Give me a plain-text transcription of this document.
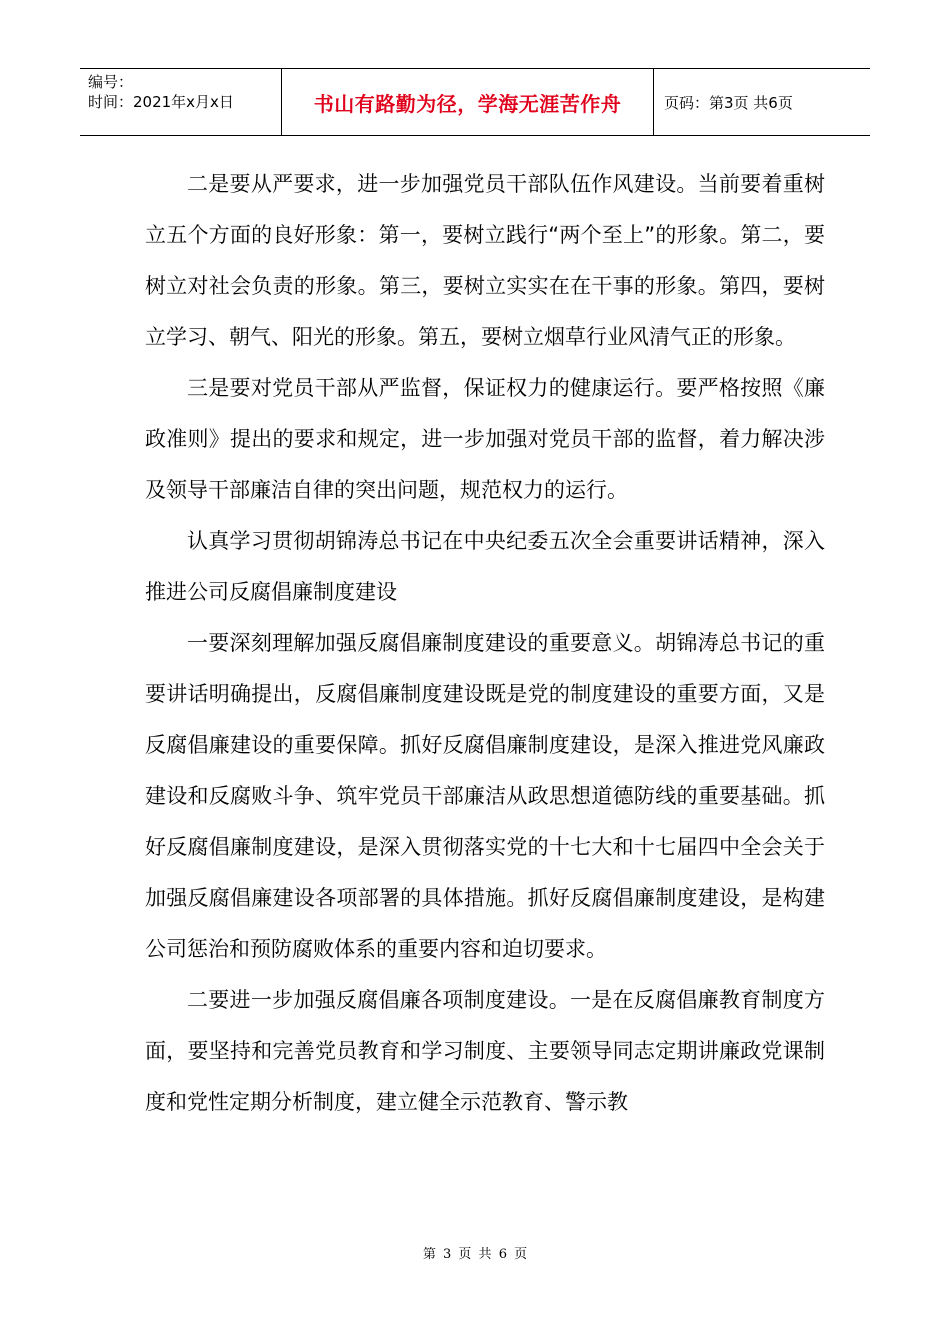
编号：
时间：2021年x月x日	书山有路勤为径，学海无涯苦作舟	页码：第3页 共6页

二是要从严要求，进一步加强党员干部队伍作风建设。当前要着重树立五个方面的良好形象：第一，要树立践行“两个至上”的形象。第二，要树立对社会负责的形象。第三，要树立实实在在干事的形象。第四，要树立学习、朝气、阳光的形象。第五，要树立烟草行业风清气正的形象。

三是要对党员干部从严监督，保证权力的健康运行。要严格按照《廉政准则》提出的要求和规定，进一步加强对党员干部的监督，着力解决涉及领导干部廉洁自律的突出问题，规范权力的运行。

认真学习贯彻胡锦涛总书记在中央纪委五次全会重要讲话精神，深入推进公司反腐倡廉制度建设

一要深刻理解加强反腐倡廉制度建设的重要意义。胡锦涛总书记的重要讲话明确提出，反腐倡廉制度建设既是党的制度建设的重要方面，又是反腐倡廉建设的重要保障。抓好反腐倡廉制度建设，是深入推进党风廉政建设和反腐败斗争、筑牢党员干部廉洁从政思想道德防线的重要基础。抓好反腐倡廉制度建设，是深入贯彻落实党的十七大和十七届四中全会关于加强反腐倡廉建设各项部署的具体措施。抓好反腐倡廉制度建设，是构建公司惩治和预防腐败体系的重要内容和迫切要求。

二要进一步加强反腐倡廉各项制度建设。一是在反腐倡廉教育制度方面，要坚持和完善党员教育和学习制度、主要领导同志定期讲廉政党课制度和党性定期分析制度，建立健全示范教育、警示教

第 3 页 共 6 页
